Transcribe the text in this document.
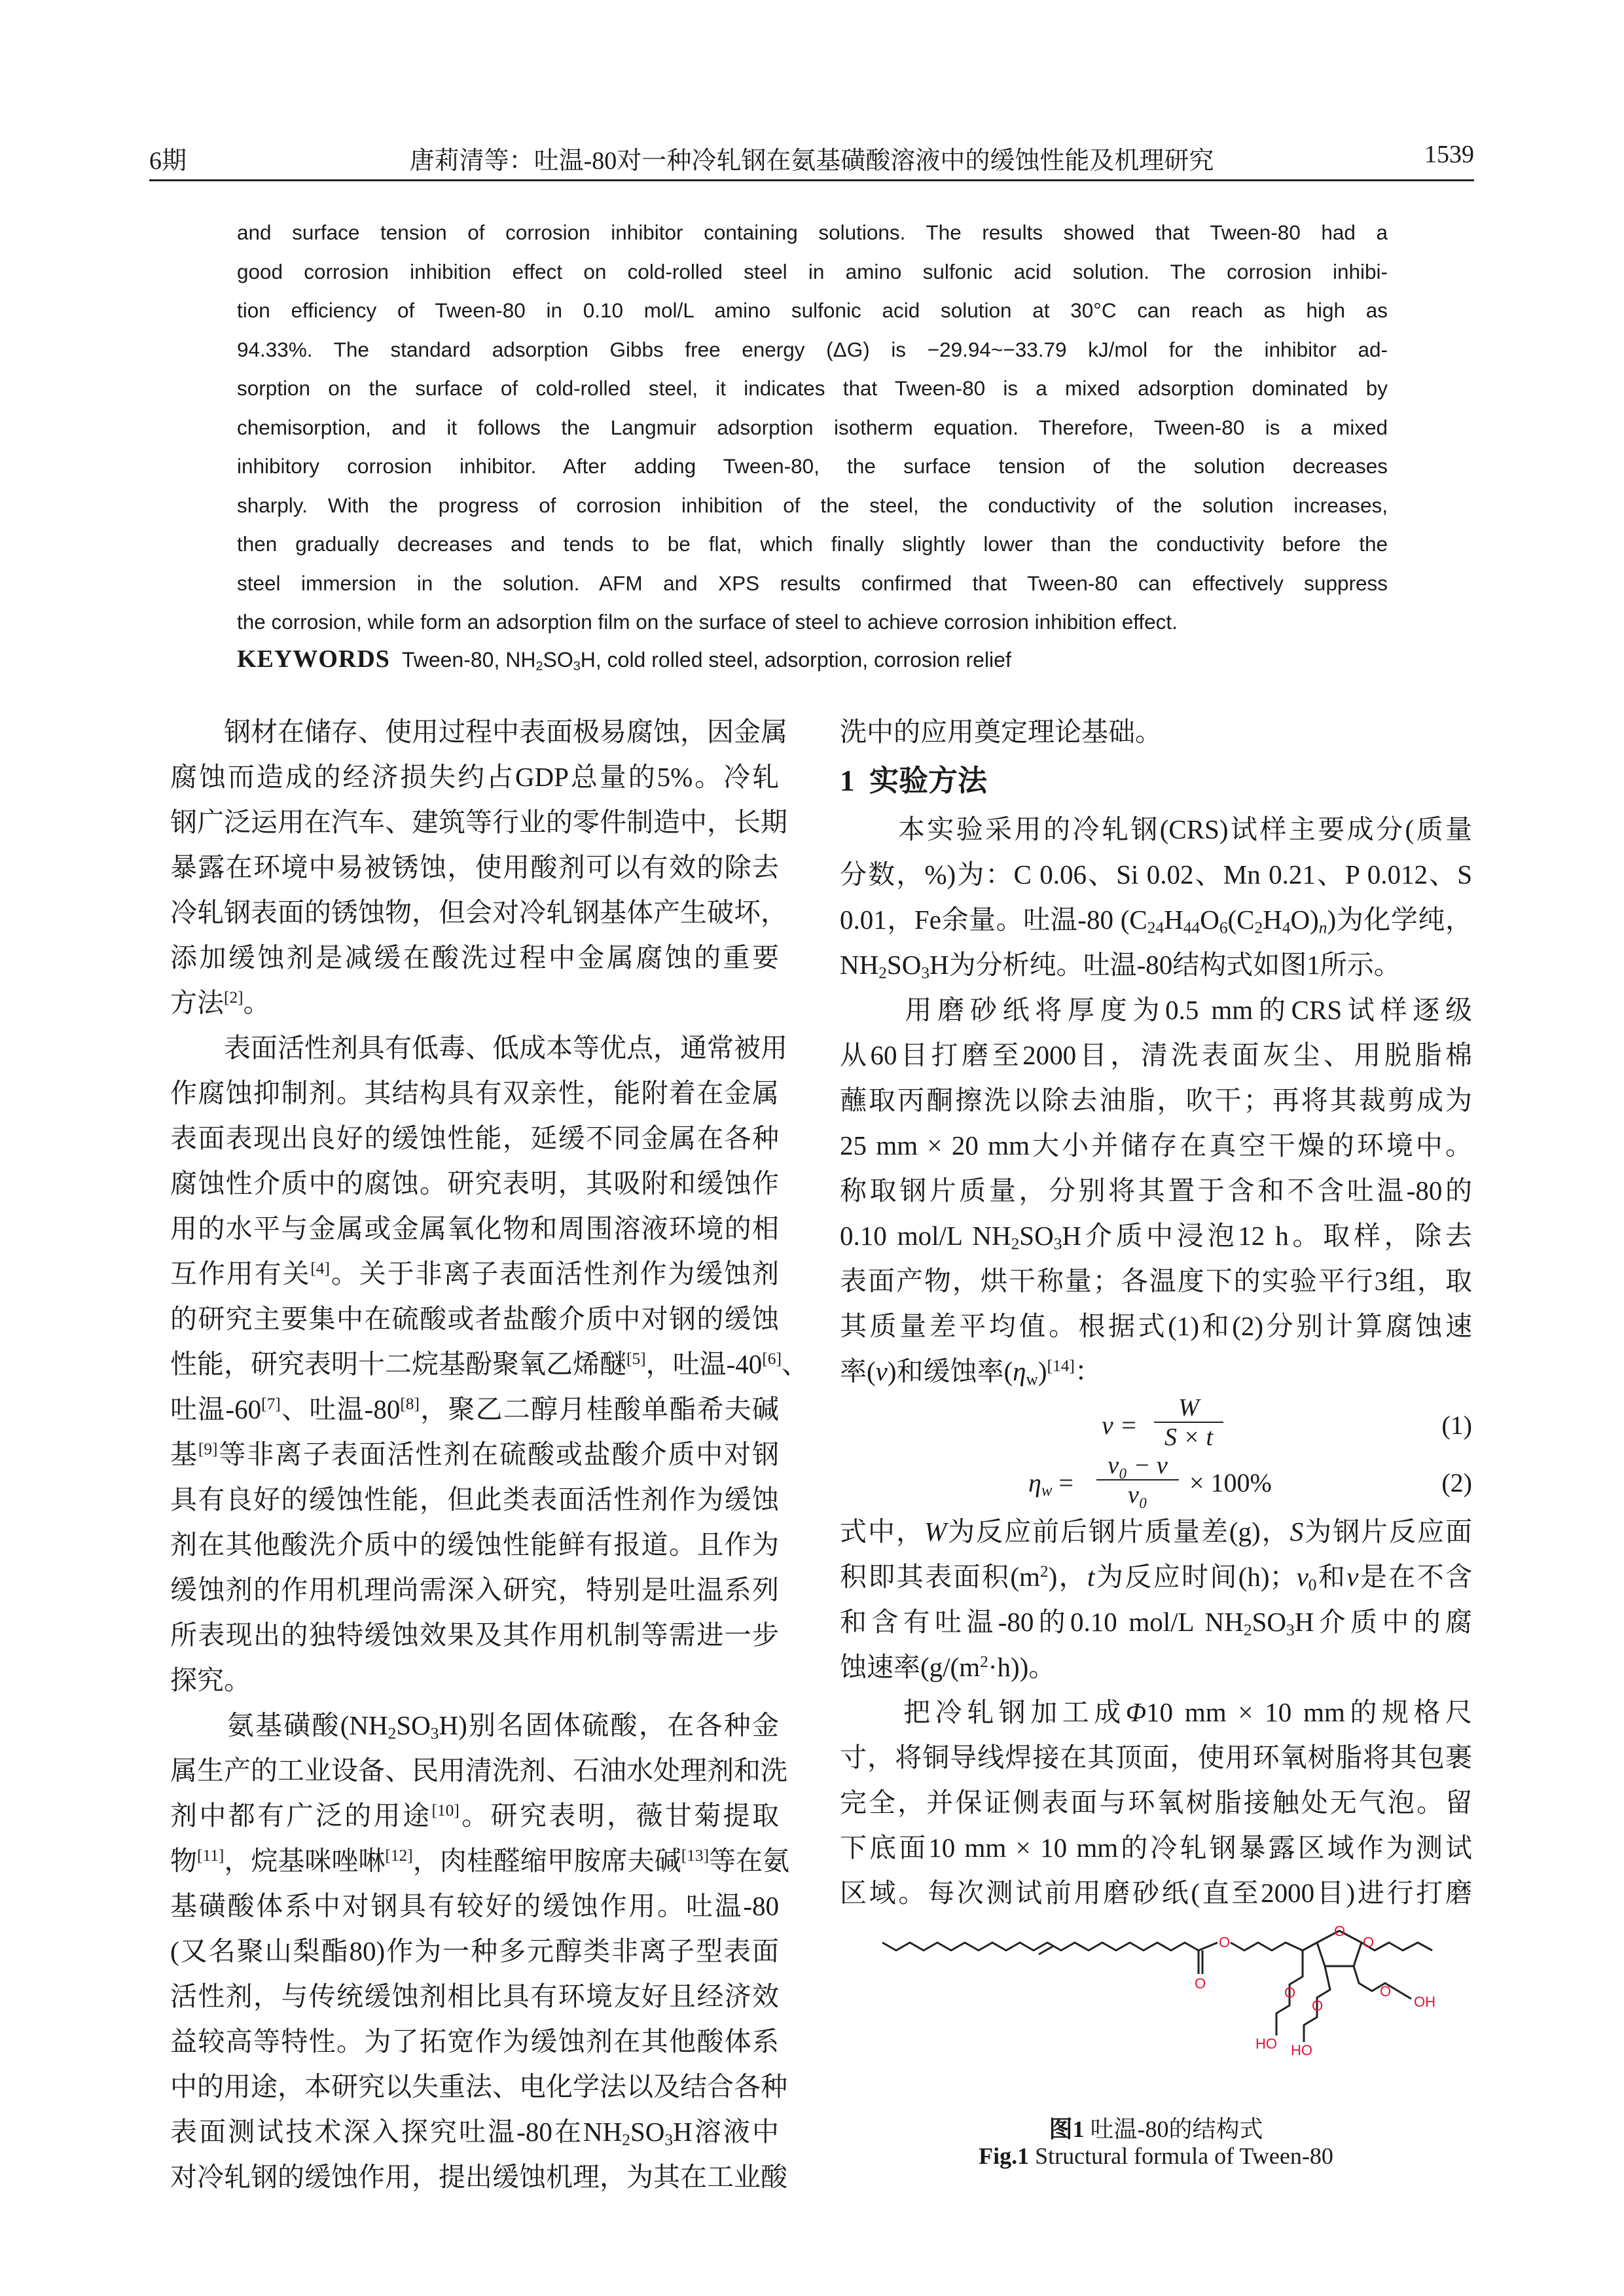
6期	唐莉清等：吐温-80对一种冷轧钢在氨基磺酸溶液中的缓蚀性能及机理研究	1539
and surface tension of corrosion inhibitor containing solutions. The results showed that Tween-80 had a
good corrosion inhibition effect on cold-rolled steel in amino sulfonic acid solution. The corrosion inhibi-
tion efficiency of Tween-80 in 0.10 mol/L amino sulfonic acid solution at 30°C can reach as high as
94.33%. The standard adsorption Gibbs free energy (ΔG) is −29.94~−33.79 kJ/mol for the inhibitor ad-
sorption on the surface of cold-rolled steel, it indicates that Tween-80 is a mixed adsorption dominated by
chemisorption, and it follows the Langmuir adsorption isotherm equation. Therefore, Tween-80 is a mixed
inhibitory corrosion inhibitor. After adding Tween-80, the surface tension of the solution decreases
sharply. With the progress of corrosion inhibition of the steel, the conductivity of the solution increases,
then gradually decreases and tends to be flat, which finally slightly lower than the conductivity before the
steel immersion in the solution. AFM and XPS results confirmed that Tween-80 can effectively suppress
the corrosion, while form an adsorption film on the surface of steel to achieve corrosion inhibition effect.
KEYWORDS Tween-80, $NH_2SO_3H$, cold rolled steel, adsorption, corrosion relief
　　钢材在储存、使用过程中表面极易腐蚀，因金属
腐蚀而造成的经济损失约占GDP总量的5%。冷轧
钢广泛运用在汽车、建筑等行业的零件制造中，长期
暴露在环境中易被锈蚀，使用酸剂可以有效的除去
冷轧钢表面的锈蚀物，但会对冷轧钢基体产生破坏，
添加缓蚀剂是减缓在酸洗过程中金属腐蚀的重要
方法[2]。
　　表面活性剂具有低毒、低成本等优点，通常被用
作腐蚀抑制剂。其结构具有双亲性，能附着在金属
表面表现出良好的缓蚀性能，延缓不同金属在各种
腐蚀性介质中的腐蚀。研究表明，其吸附和缓蚀作
用的水平与金属或金属氧化物和周围溶液环境的相
互作用有关[4]。关于非离子表面活性剂作为缓蚀剂
的研究主要集中在硫酸或者盐酸介质中对钢的缓蚀
性能，研究表明十二烷基酚聚氧乙烯醚[5]，吐温-40[6]、
吐温-60[7]、吐温-80[8]，聚乙二醇月桂酸单酯希夫碱
基[9]等非离子表面活性剂在硫酸或盐酸介质中对钢
具有良好的缓蚀性能，但此类表面活性剂作为缓蚀
剂在其他酸洗介质中的缓蚀性能鲜有报道。且作为
缓蚀剂的作用机理尚需深入研究，特别是吐温系列
所表现出的独特缓蚀效果及其作用机制等需进一步
探究。
　　氨基磺酸$(NH_2SO_3H)$别名固体硫酸，在各种金
属生产的工业设备、民用清洗剂、石油水处理剂和洗
剂中都有广泛的用途[10]。研究表明，薇甘菊提取
物[11]，烷基咪唑啉[12]，肉桂醛缩甲胺席夫碱[13]等在氨
基磺酸体系中对钢具有较好的缓蚀作用。吐温-80
(又名聚山梨酯80)作为一种多元醇类非离子型表面
活性剂，与传统缓蚀剂相比具有环境友好且经济效
益较高等特性。为了拓宽作为缓蚀剂在其他酸体系
中的用途，本研究以失重法、电化学法以及结合各种
表面测试技术深入探究吐温-80在$NH_2SO_3H$溶液中
对冷轧钢的缓蚀作用，提出缓蚀机理，为其在工业酸
洗中的应用奠定理论基础。
1 实验方法
　　本实验采用的冷轧钢(CRS)试样主要成分(质量
分数，%)为：C 0.06、Si 0.02、Mn 0.21、P 0.012、S
0.01，Fe余量。吐温-80 $(C_{24}H_{44}O_6(C_2H_4O)_n)$为化学纯，
$NH_2SO_3H$为分析纯。吐温-80结构式如图1所示。
　　用磨砂纸将厚度为0.5 mm的CRS试样逐级
从60目打磨至2000目，清洗表面灰尘、用脱脂棉
蘸取丙酮擦洗以除去油脂，吹干；再将其裁剪成为
25 mm × 20 mm大小并储存在真空干燥的环境中。
称取钢片质量，分别将其置于含和不含吐温-80的
0.10 mol/L $NH_2SO_3H$介质中浸泡12 h。取样，除去
表面产物，烘干称量；各温度下的实验平行3组，取
其质量差平均值。根据式(1)和(2)分别计算腐蚀速
率(v)和缓蚀率$(\eta_w)[14]$：
v =
W
S × t	(1)
$\eta_w$ =
v₀ − v
v₀	× 100%	(2)
式中，W为反应前后钢片质量差(g)，S为钢片反应面
积即其表面积$(m^2)$，t为反应时间(h)；$v_0$和v是在不含
和含有吐温-80的0.10 mol/L $NH_2SO_3H$介质中的腐
蚀速率$(g/(m^2\cdot h))$。
　　把冷轧钢加工成Φ10 mm × 10 mm的规格尺
寸，将铜导线焊接在其顶面，使用环氧树脂将其包裹
完全，并保证侧表面与环氧树脂接触处无气泡。留
下底面10 mm × 10 mm的冷轧钢暴露区域作为测试
区域。每次测试前用磨砂纸(直至2000目)进行打磨
O
O
O
O
O
O
O
OH
HO HO
图1 吐温-80的结构式
Fig.1 Structural formula of Tween-80
